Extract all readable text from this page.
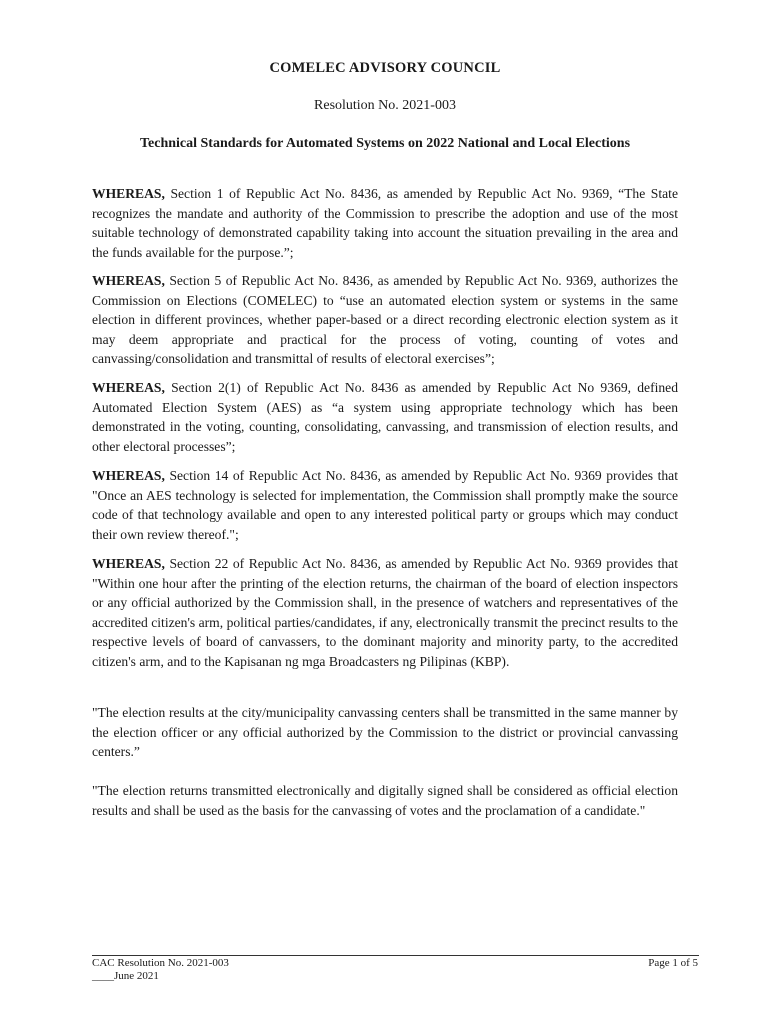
COMELEC ADVISORY COUNCIL
Resolution No. 2021-003
Technical Standards for Automated Systems on 2022 National and Local Elections

WHEREAS, Section 1 of Republic Act No. 8436, as amended by Republic Act No. 9369, “The State recognizes the mandate and authority of the Commission to prescribe the adoption and use of the most suitable technology of demonstrated capability taking into account the situation prevailing in the area and the funds available for the purpose.”;

WHEREAS, Section 5 of Republic Act No. 8436, as amended by Republic Act No. 9369, authorizes the Commission on Elections (COMELEC) to “use an automated election system or systems in the same election in different provinces, whether paper-based or a direct recording electronic election system as it may deem appropriate and practical for the process of voting, counting of votes and canvassing/consolidation and transmittal of results of electoral exercises”;

WHEREAS, Section 2(1) of Republic Act No. 8436 as amended by Republic Act No 9369, defined Automated Election System (AES) as “a system using appropriate technology which has been demonstrated in the voting, counting, consolidating, canvassing, and transmission of election results, and other electoral processes”;

WHEREAS, Section 14 of Republic Act No. 8436, as amended by Republic Act No. 9369 provides that "Once an AES technology is selected for implementation, the Commission shall promptly make the source code of that technology available and open to any interested political party or groups which may conduct their own review thereof.";

WHEREAS, Section 22 of Republic Act No. 8436, as amended by Republic Act No. 9369 provides that "Within one hour after the printing of the election returns, the chairman of the board of election inspectors or any official authorized by the Commission shall, in the presence of watchers and representatives of the accredited citizen's arm, political parties/candidates, if any, electronically transmit the precinct results to the respective levels of board of canvassers, to the dominant majority and minority party, to the accredited citizen's arm, and to the Kapisanan ng mga Broadcasters ng Pilipinas (KBP).

"The election results at the city/municipality canvassing centers shall be transmitted in the same manner by the election officer or any official authorized by the Commission to the district or provincial canvassing centers.”

"The election returns transmitted electronically and digitally signed shall be considered as official election results and shall be used as the basis for the canvassing of votes and the proclamation of a candidate."

CAC Resolution No. 2021-003
____June 2021
Page 1 of 5
